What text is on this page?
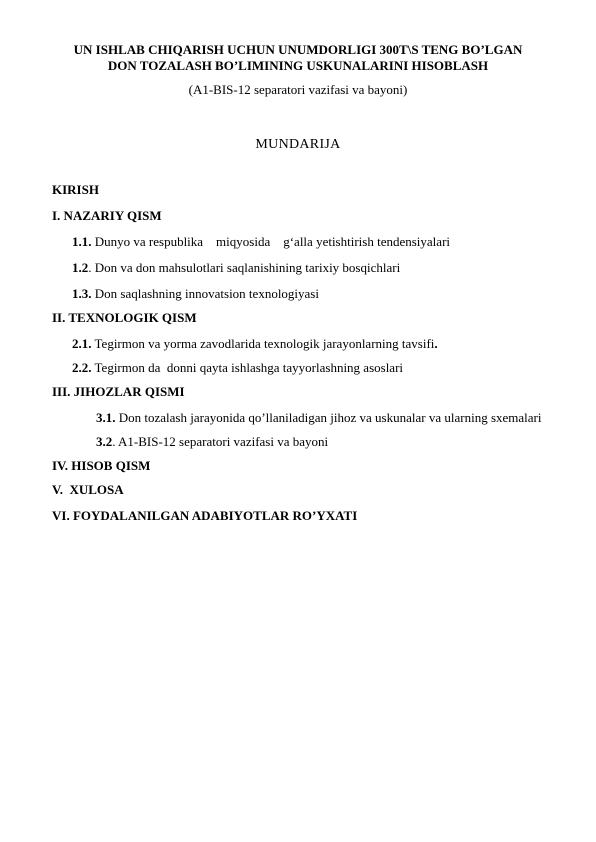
UN ISHLAB CHIQARISH UCHUN UNUMDORLIGI 300T\S TENG BO’LGAN
DON TOZALASH BO’LIMINING USKUNALARINI HISOBLASH
(A1-BIS-12 separatori vazifasi va bayoni)
MUNDARIJA
KIRISH
I. NAZARIY QISM
1.1. Dunyo va respublika    miqyosida    g‘alla yetishtirish tendensiyalari
1.2. Don va don mahsulotlari saqlanishining tarixiy bosqichlari
1.3. Don saqlashning innovatsion texnologiyasi
II. TEXNOLOGIK QISM
2.1. Tegirmon va yorma zavodlarida texnologik jarayonlarning tavsifi.
2.2. Tegirmon da  donni qayta ishlashga tayyorlashning asoslari
III. JIHOZLAR QISMI
3.1. Don tozalash jarayonida qo’llaniladigan jihoz va uskunalar va ularning sxemalari
3.2. A1-BIS-12 separatori vazifasi va bayoni
IV. HISOB QISM
V.  XULOSA
VI. FOYDALANILGAN ADABIYOTLAR RO’YXATI
